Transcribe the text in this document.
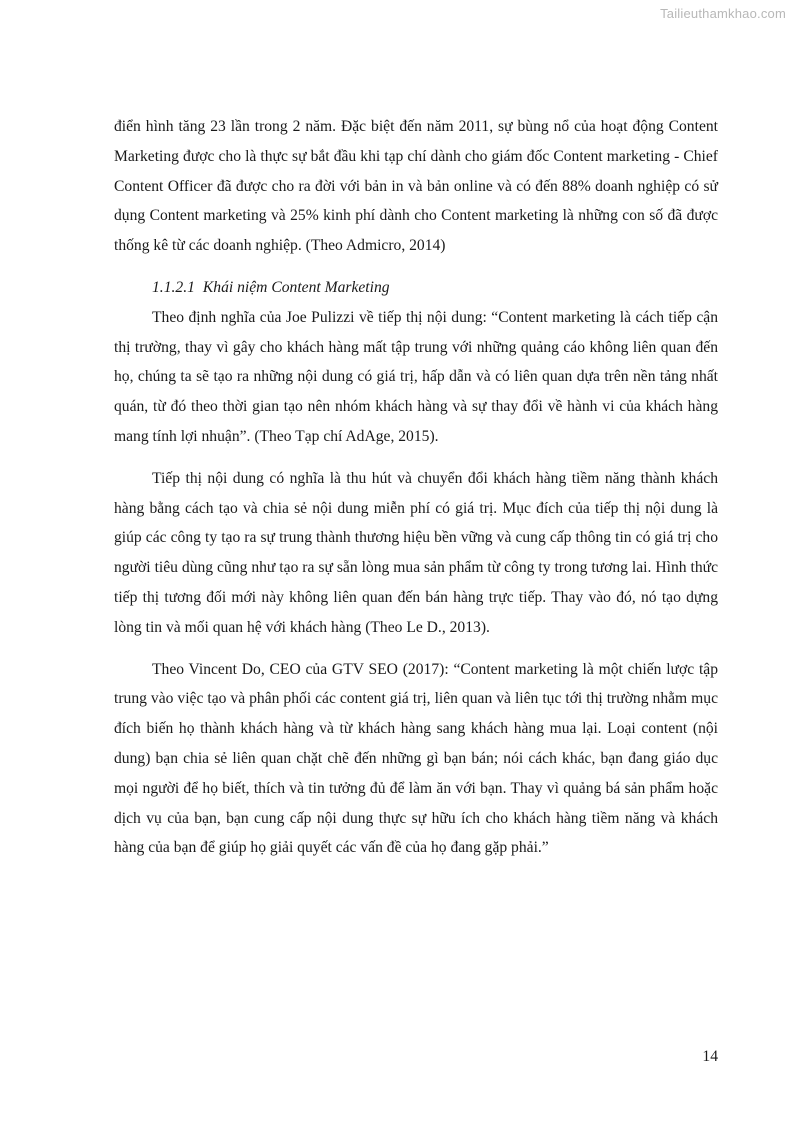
Tailieuthamkhao.com

điển hình tăng 23 lần trong 2 năm. Đặc biệt đến năm 2011, sự bùng nổ của hoạt động Content Marketing được cho là thực sự bắt đầu khi tạp chí dành cho giám đốc Content marketing - Chief Content Officer đã được cho ra đời với bản in và bản online và có đến 88% doanh nghiệp có sử dụng Content marketing và 25% kinh phí dành cho Content marketing là những con số đã được thống kê từ các doanh nghiệp. (Theo Admicro, 2014)

1.1.2.1 Khái niệm Content Marketing

Theo định nghĩa của Joe Pulizzi về tiếp thị nội dung: “Content marketing là cách tiếp cận thị trường, thay vì gây cho khách hàng mất tập trung với những quảng cáo không liên quan đến họ, chúng ta sẽ tạo ra những nội dung có giá trị, hấp dẫn và có liên quan dựa trên nền tảng nhất quán, từ đó theo thời gian tạo nên nhóm khách hàng và sự thay đổi về hành vi của khách hàng mang tính lợi nhuận”. (Theo Tạp chí AdAge, 2015).

Tiếp thị nội dung có nghĩa là thu hút và chuyển đổi khách hàng tiềm năng thành khách hàng bằng cách tạo và chia sẻ nội dung miễn phí có giá trị. Mục đích của tiếp thị nội dung là giúp các công ty tạo ra sự trung thành thương hiệu bền vững và cung cấp thông tin có giá trị cho người tiêu dùng cũng như tạo ra sự sẵn lòng mua sản phẩm từ công ty trong tương lai. Hình thức tiếp thị tương đối mới này không liên quan đến bán hàng trực tiếp. Thay vào đó, nó tạo dựng lòng tin và mối quan hệ với khách hàng (Theo Le D., 2013).

Theo Vincent Do, CEO của GTV SEO (2017): “Content marketing là một chiến lược tập trung vào việc tạo và phân phối các content giá trị, liên quan và liên tục tới thị trường nhằm mục đích biến họ thành khách hàng và từ khách hàng sang khách hàng mua lại. Loại content (nội dung) bạn chia sẻ liên quan chặt chẽ đến những gì bạn bán; nói cách khác, bạn đang giáo dục mọi người để họ biết, thích và tin tưởng đủ để làm ăn với bạn. Thay vì quảng bá sản phẩm hoặc dịch vụ của bạn, bạn cung cấp nội dung thực sự hữu ích cho khách hàng tiềm năng và khách hàng của bạn để giúp họ giải quyết các vấn đề của họ đang gặp phải.”

14
